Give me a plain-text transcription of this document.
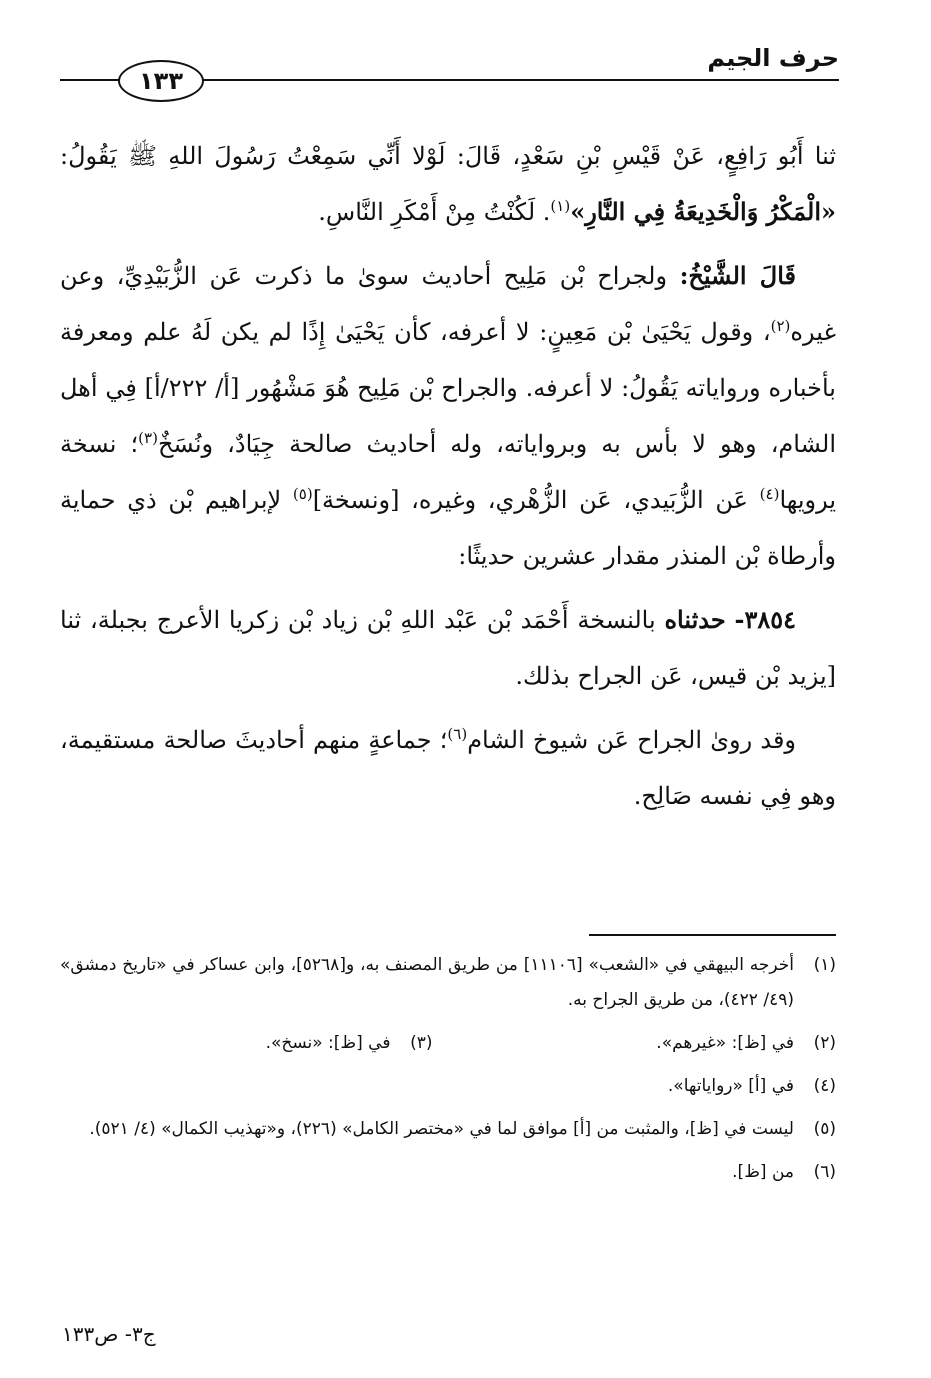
حرف الجيم
١٣٣

ثنا أَبُو رَافِعٍ، عَنْ قَيْسِ بْنِ سَعْدٍ، قَالَ: لَوْلا أَنِّي سَمِعْتُ رَسُولَ اللهِ ﷺ يَقُولُ: «الْمَكْرُ وَالْخَدِيعَةُ فِي النَّارِ»$^{(١)}$. لَكُنْتُ مِنْ أَمْكَرِ النَّاسِ.

قَالَ الشَّيْخُ: ولجراح بْن مَلِيح أحاديث سوىٰ ما ذكرت عَن الزُّبَيْدِيِّ، وعن غيره$^{(٢)}$، وقول يَحْيَىٰ بْن مَعِينٍ: لا أعرفه، كأن يَحْيَىٰ إِذًا لم يكن لَهُ علم ومعرفة بأخباره ورواياته يَقُولُ: لا أعرفه. والجراح بْن مَلِيح هُوَ مَشْهُور [أ/ ٢٢٢/أ] فِي أهل الشام، وهو لا بأس به وبرواياته، وله أحاديث صالحة جِيَادٌ، ونُسَخٌ$^{(٣)}$؛ نسخة يرويها$^{(٤)}$ عَن الزُّبَيدي، عَن الزُّهْري، وغيره، [ونسخة]$^{(٥)}$ لإبراهيم بْن ذي حماية وأرطاة بْن المنذر مقدار عشرين حديثًا:

٣٨٥٤- حدثناه بالنسخة أَحْمَد بْن عَبْد اللهِ بْن زياد بْن زكريا الأعرج بجبلة، ثنا [يزيد بْن قيس، عَن الجراح بذلك.

وقد روىٰ الجراح عَن شيوخ الشام$^{(٦)}$؛ جماعةٍ منهم أحاديثَ صالحة مستقيمة، وهو فِي نفسه صَالِح.

(١)
أخرجه البيهقي في «الشعب» [١١١٠٦] من طريق المصنف به، و[٥٢٦٨]، وابن عساكر في «تاريخ دمشق» (٤٩/ ٤٢٢)، من طريق الجراح به.
(٢)
في [ظ]: «غيرهم».
(٣)
في [ظ]: «نسخ».
(٤)
في [أ] «رواياتها».
(٥)
ليست في [ظ]، والمثبت من [أ] موافق لما في «مختصر الكامل» (٢٢٦)، و«تهذيب الكمال» (٤/ ٥٢١).
(٦)
من [ظ].
ج٣- ص١٣٣
